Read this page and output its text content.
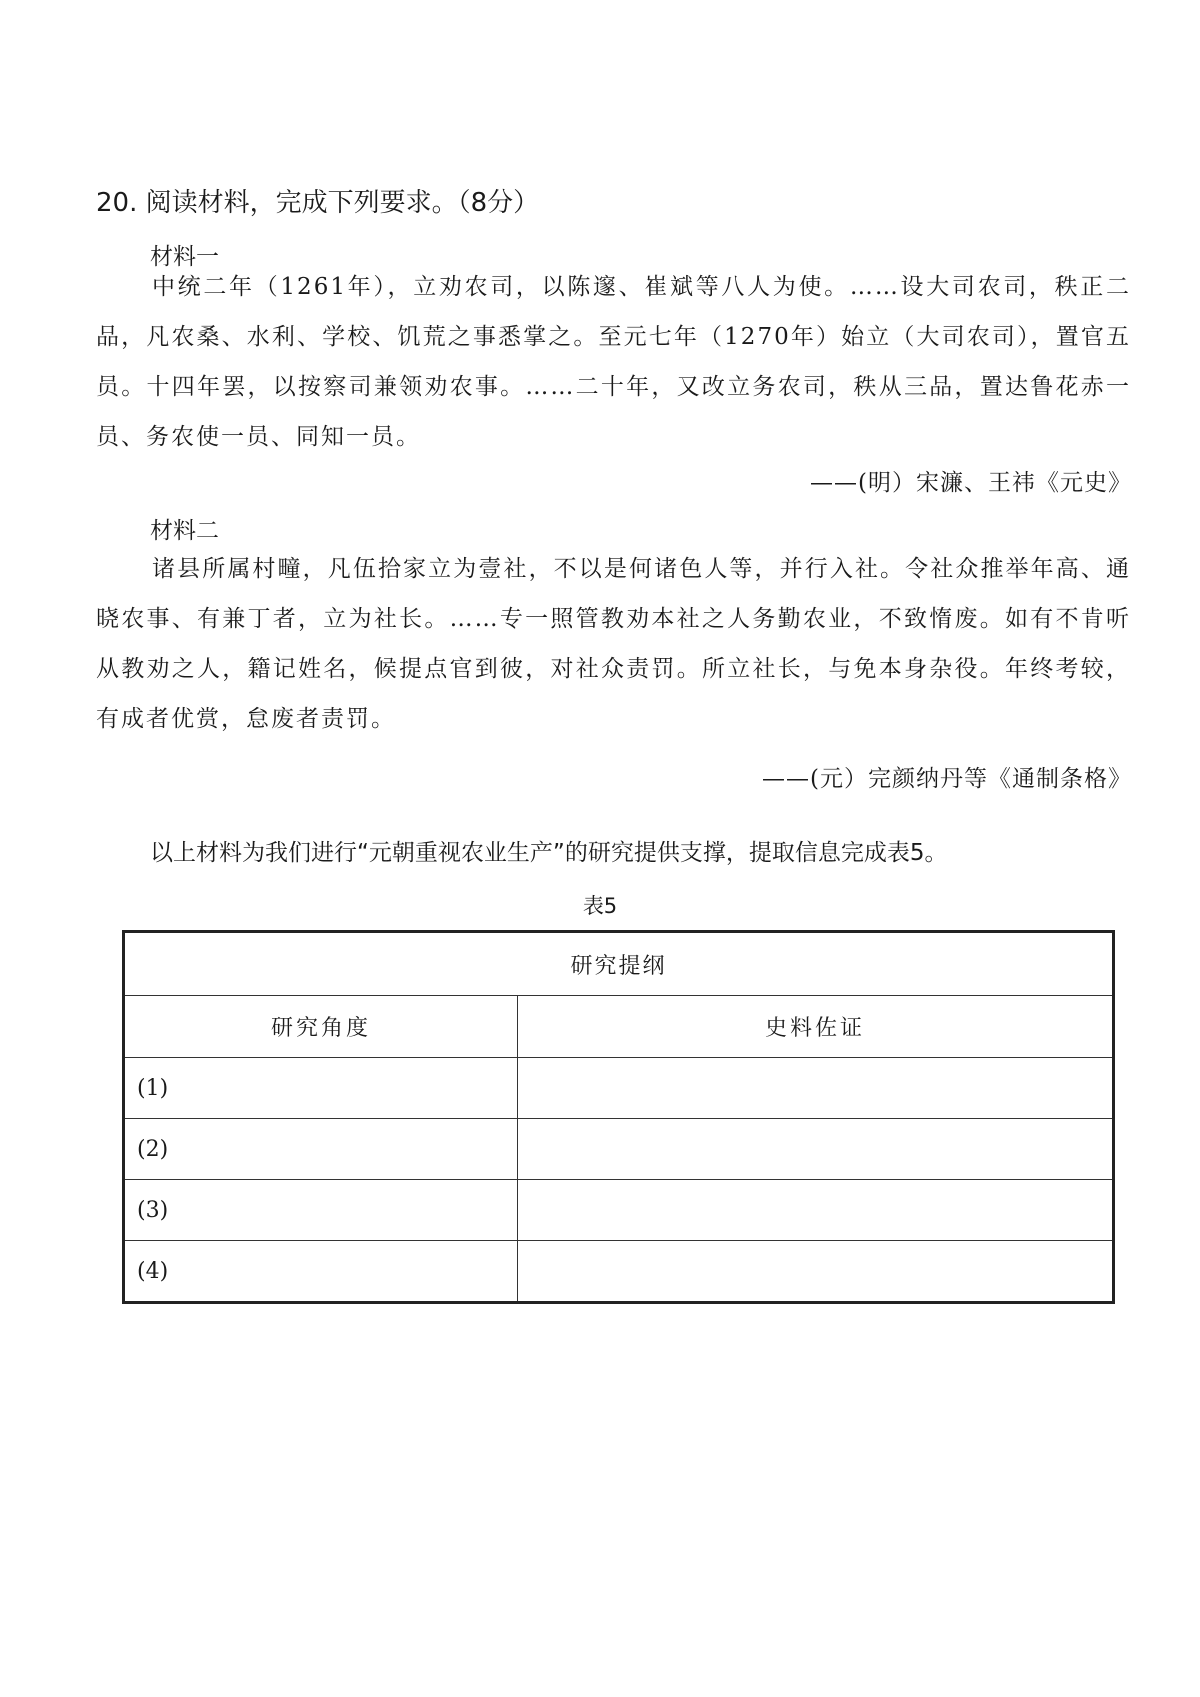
20. 阅读材料，完成下列要求。（8分）
材料一
中统二年（1261年），立劝农司，以陈邃、崔斌等八人为使。……设大司农司，秩正二品，凡农桑、水利、学校、饥荒之事悉掌之。至元七年（1270年）始立（大司农司），置官五员。十四年罢，以按察司兼领劝农事。……二十年，又改立务农司，秩从三品，置达鲁花赤一员、务农使一员、同知一员。
——(明）宋濂、王祎《元史》
材料二
诸县所属村疃，凡伍拾家立为壹社，不以是何诸色人等，并行入社。令社众推举年高、通晓农事、有兼丁者，立为社长。……专一照管教劝本社之人务勤农业，不致惰废。如有不肯听从教劝之人，籍记姓名，候提点官到彼，对社众责罚。所立社长，与免本身杂役。年终考较，有成者优赏，怠废者责罚。
——(元）完颜纳丹等《通制条格》
以上材料为我们进行“元朝重视农业生产”的研究提供支撑，提取信息完成表5。
表5
研究提纲	
研究角度	史料佐证
(1)	
(2)	
(3)	
(4)	
